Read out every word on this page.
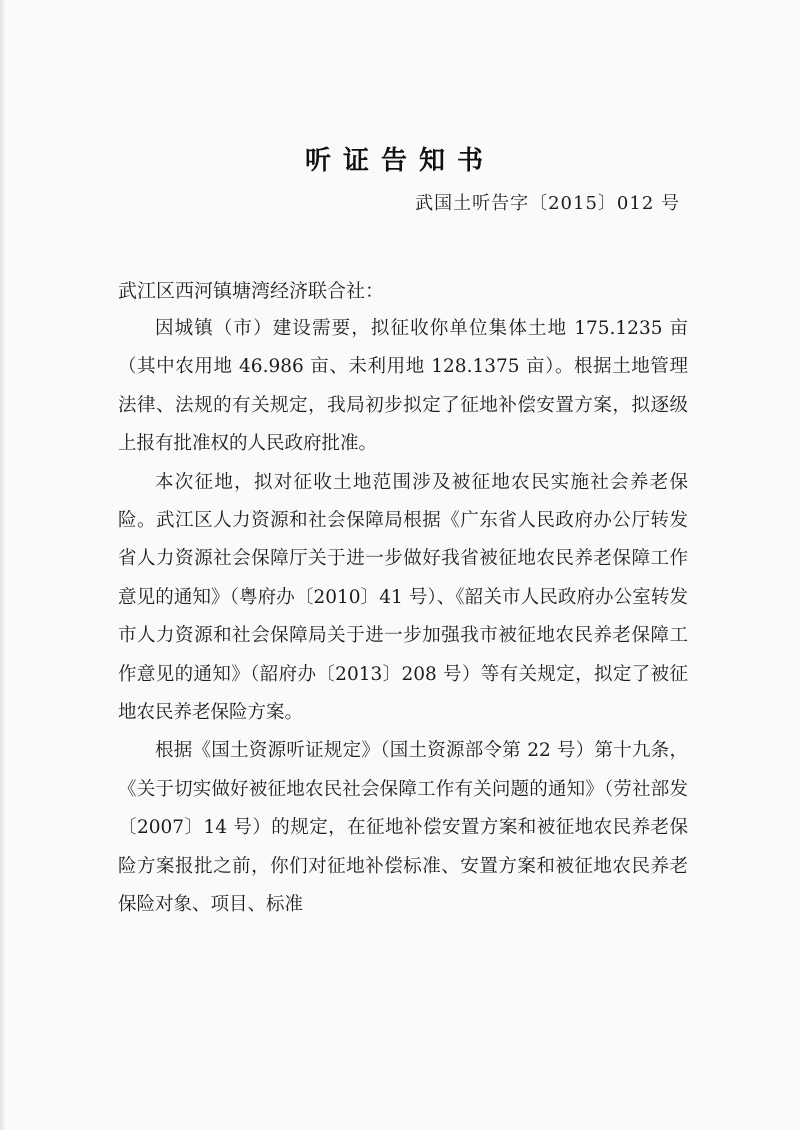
听证告知书
武国土听告字〔2015〕012 号
武江区西河镇塘湾经济联合社：

因城镇（市）建设需要，拟征收你单位集体土地 175.1235 亩（其中农用地 46.986 亩、未利用地 128.1375 亩）。根据土地管理法律、法规的有关规定，我局初步拟定了征地补偿安置方案，拟逐级上报有批准权的人民政府批准。

本次征地，拟对征收土地范围涉及被征地农民实施社会养老保险。武江区人力资源和社会保障局根据《广东省人民政府办公厅转发省人力资源社会保障厅关于进一步做好我省被征地农民养老保障工作意见的通知》（粤府办〔2010〕41 号）、《韶关市人民政府办公室转发市人力资源和社会保障局关于进一步加强我市被征地农民养老保障工作意见的通知》（韶府办〔2013〕208 号）等有关规定，拟定了被征地农民养老保险方案。

根据《国土资源听证规定》（国土资源部令第 22 号）第十九条，《关于切实做好被征地农民社会保障工作有关问题的通知》（劳社部发〔2007〕14 号）的规定，在征地补偿安置方案和被征地农民养老保险方案报批之前，你们对征地补偿标准、安置方案和被征地农民养老保险对象、项目、标准
